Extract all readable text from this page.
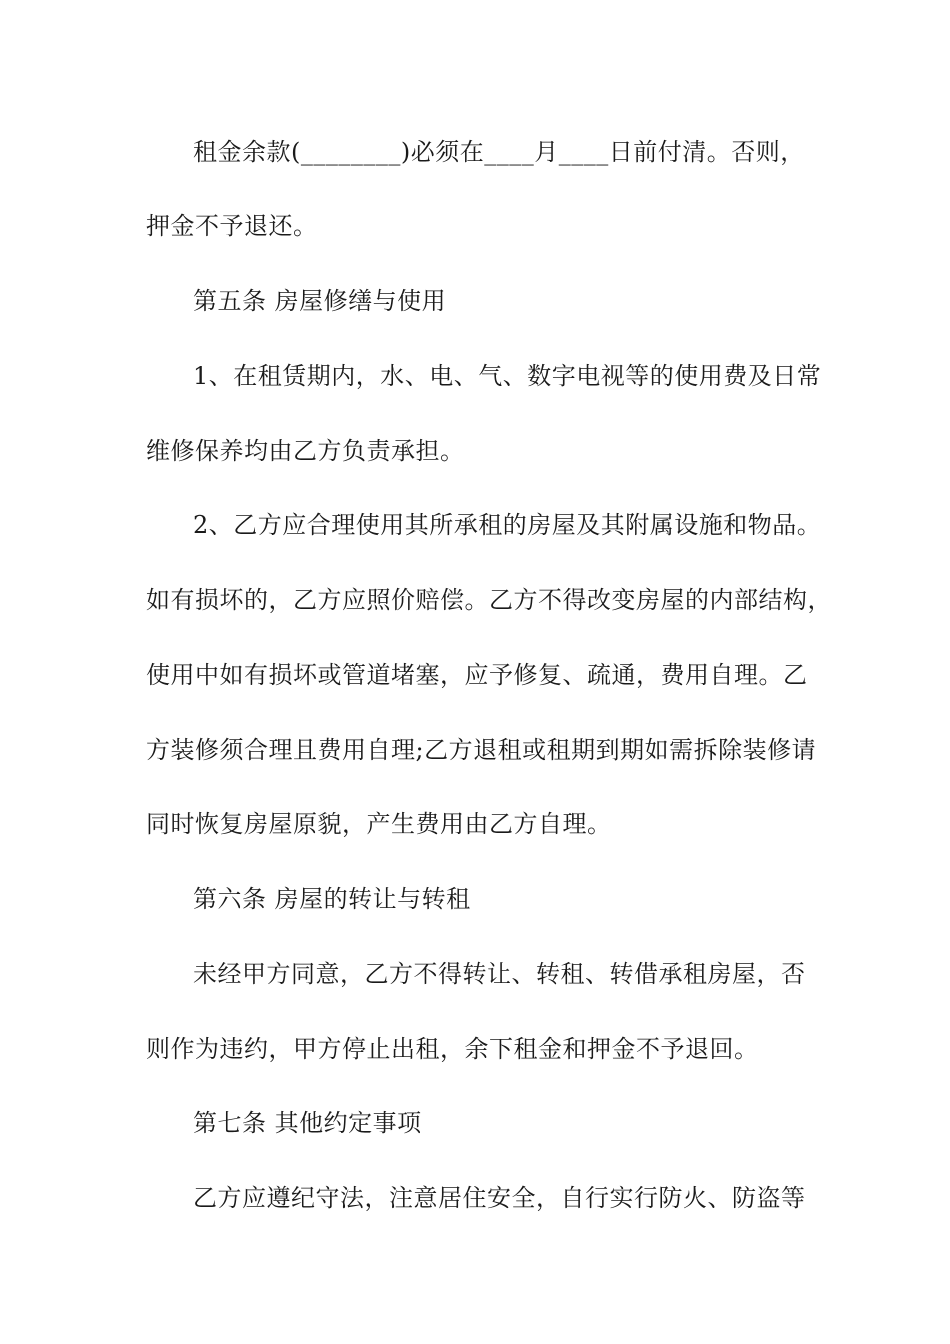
租金余款(________)必须在____月____日前付清。否则，
押金不予退还。
第五条 房屋修缮与使用
1、在租赁期内，水、电、气、数字电视等的使用费及日常
维修保养均由乙方负责承担。
2、乙方应合理使用其所承租的房屋及其附属设施和物品。
如有损坏的，乙方应照价赔偿。乙方不得改变房屋的内部结构，
使用中如有损坏或管道堵塞，应予修复、疏通，费用自理。乙
方装修须合理且费用自理;乙方退租或租期到期如需拆除装修请
同时恢复房屋原貌，产生费用由乙方自理。
第六条 房屋的转让与转租
未经甲方同意，乙方不得转让、转租、转借承租房屋，否
则作为违约，甲方停止出租，余下租金和押金不予退回。
第七条 其他约定事项
乙方应遵纪守法，注意居住安全，自行实行防火、防盗等
